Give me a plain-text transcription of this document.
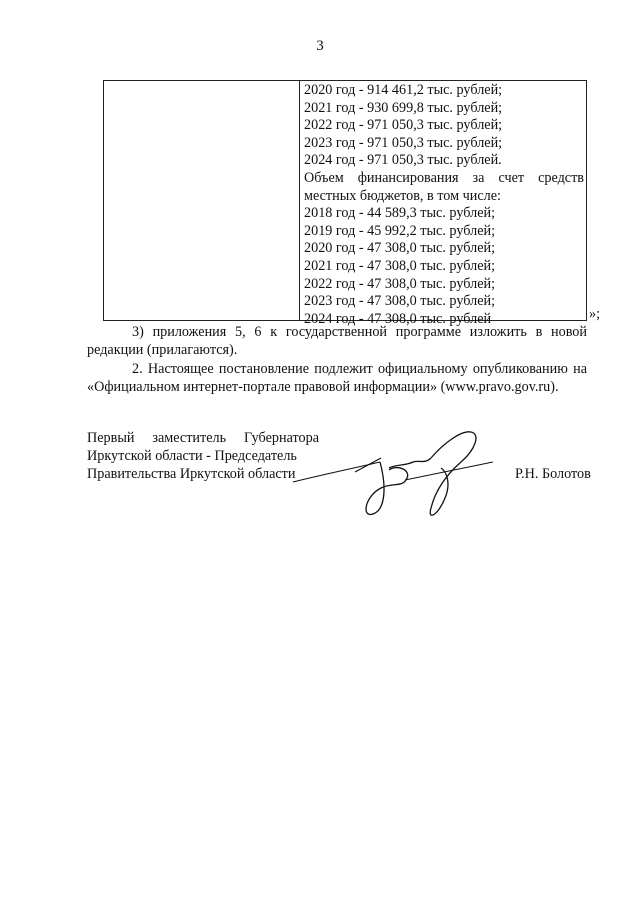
3
2020 год - 914 461,2 тыс. рублей;
2021 год - 930 699,8 тыс. рублей;
2022 год - 971 050,3 тыс. рублей;
2023 год - 971 050,3 тыс. рублей;
2024 год - 971 050,3 тыс. рублей.
Объем финансирования за счет средств
местных бюджетов, в том числе:
2018 год - 44 589,3 тыс. рублей;
2019 год - 45 992,2 тыс. рублей;
2020 год - 47 308,0 тыс. рублей;
2021 год - 47 308,0 тыс. рублей;
2022 год - 47 308,0 тыс. рублей;
2023 год - 47 308,0 тыс. рублей;
2024 год - 47 308,0 тыс. рублей	»;
3) приложения 5, 6 к государственной программе изложить в новой
редакции (прилагаются).
2. Настоящее постановление подлежит официальному опубликованию на
«Официальном интернет-портале правовой информации» (www.pravo.gov.ru).
Первый заместитель Губернатора
Иркутской области - Председатель
Правительства Иркутской области	Р.Н. Болотов
